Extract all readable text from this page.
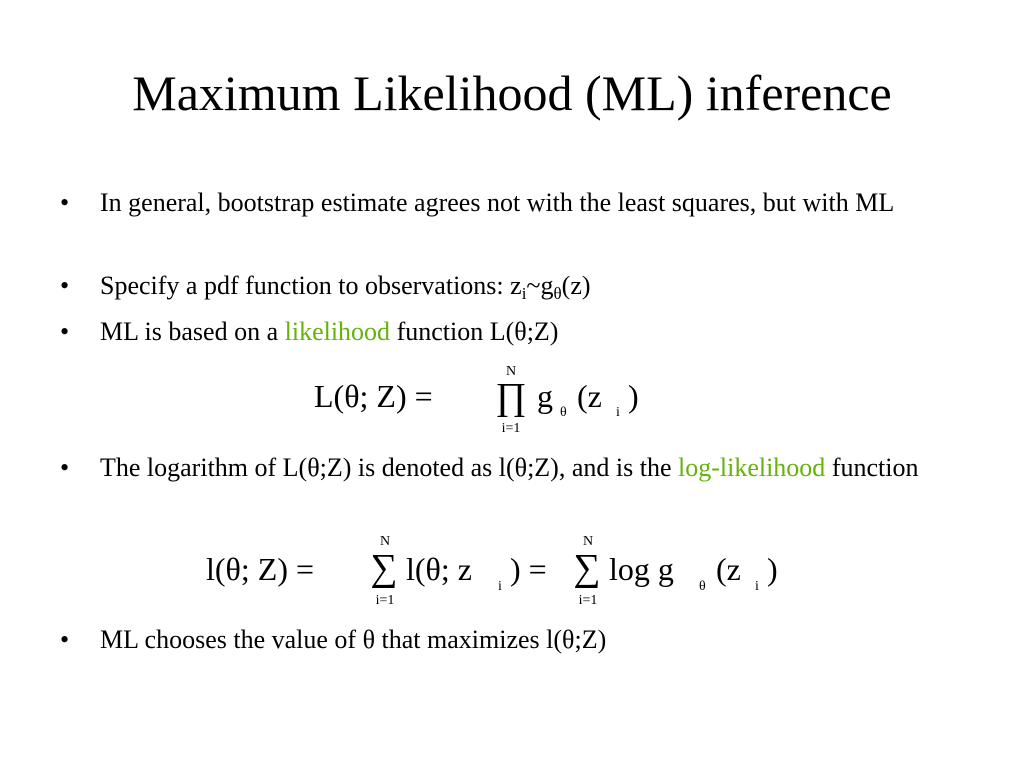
Maximum Likelihood (ML) inference
• In general, bootstrap estimate agrees not with the least squares, but with ML
• Specify a pdf function to observations: $z_i\sim g_\theta(z)$
• ML is based on a likelihood function L(θ;Z)
L(θ; Z) =
N
∏
i=1
g θ (z i )
• The logarithm of L(θ;Z) is denoted as l(θ;Z), and is the log-likelihood function
l(θ; Z) =
N
∑
i=1
l(θ; z i ) =
N
∑
i=1
log g θ (z i )
• ML chooses the value of θ that maximizes l(θ;Z)
